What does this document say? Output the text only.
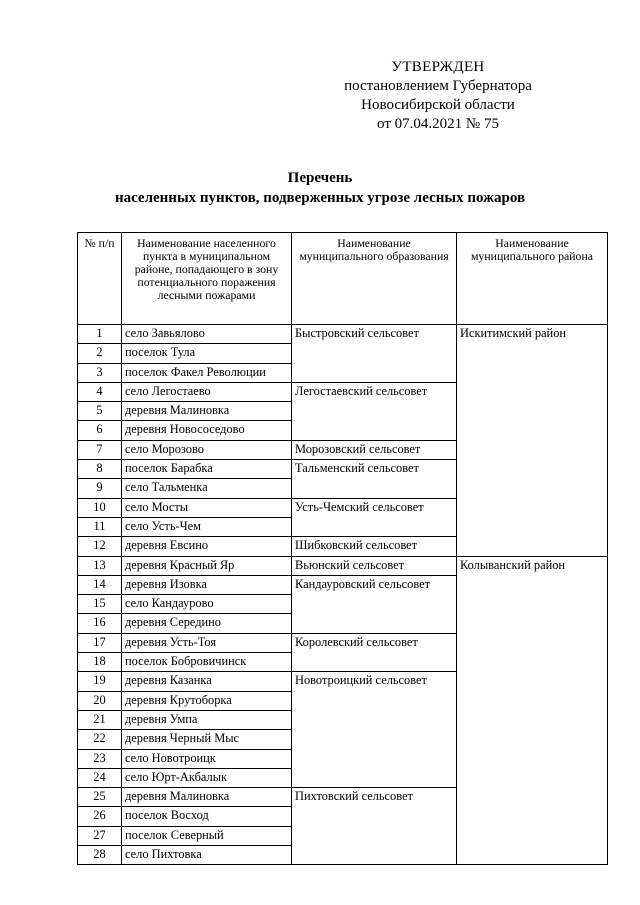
УТВЕРЖДЕН
постановлением Губернатора
Новосибирской области
от 07.04.2021 № 75
Перечень
населенных пунктов, подверженных угрозе лесных пожаров
№ п/п	Наименование населенного пункта в муниципальном районе, попадающего в зону потенциального поражения лесными пожарами	Наименование муниципального образования	Наименование муниципального района
1	село Завьялово	Быстровский сельсовет	Искитимский район
2	поселок Тула		
3	поселок Факел Революции		
4	село Легостаево	Легостаевский сельсовет	
5	деревня Малиновка		
6	деревня Новососедово		
7	село Морозово	Морозовский сельсовет	
8	поселок Барабка	Тальменский сельсовет	
9	село Тальменка		
10	село Мосты	Усть-Чемский сельсовет	
11	село Усть-Чем		
12	деревня Евсино	Шибковский сельсовет	
13	деревня Красный Яр	Вьюнский сельсовет	Колыванский район
14	деревня Изовка	Кандауровский сельсовет	
15	село Кандаурово		
16	деревня Середино		
17	деревня Усть-Тоя	Королевский сельсовет	
18	поселок Бобровичинск		
19	деревня Казанка	Новотроицкий сельсовет	
20	деревня Крутоборка		
21	деревня Умпа		
22	деревня Черный Мыс		
23	село Новотроицк		
24	село Юрт-Акбалык		
25	деревня Малиновка	Пихтовский сельсовет	
26	поселок Восход		
27	поселок Северный		
28	село Пихтовка		
